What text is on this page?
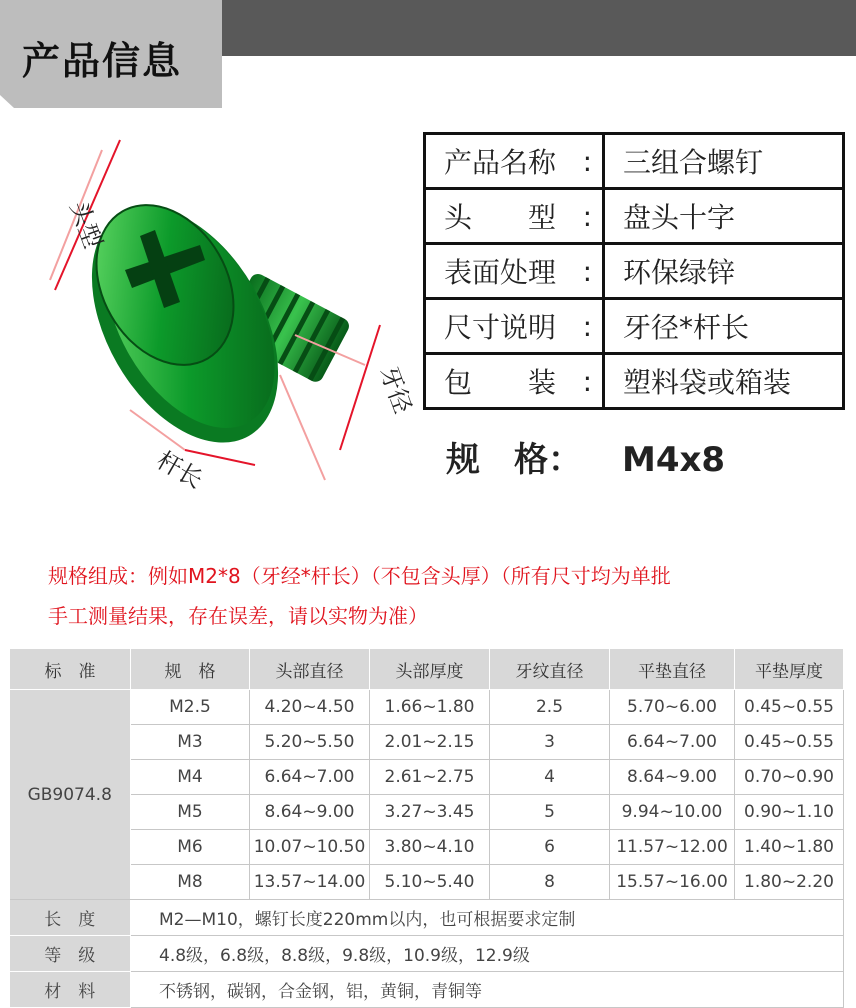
产品信息
头型
牙径
杆长
产品名称 :	三组合螺钉
头　　型 :	盘头十字
表面处理 :	环保绿锌
尺寸说明 :	牙径*杆长
包　　装 :	塑料袋或箱装
规　格： M4x8
规格组成：例如M2*8（牙经*杆长）（不包含头厚）（所有尺寸均为单批
手工测量结果，存在误差，请以实物为准）
标　准	规　格	头部直径	头部厚度	牙纹直径	平垫直径	平垫厚度
GB9074.8	M2.5	4.20~4.50	1.66~1.80	2.5	5.70~6.00	0.45~0.55
	M3	5.20~5.50	2.01~2.15	3	6.64~7.00	0.45~0.55
	M4	6.64~7.00	2.61~2.75	4	8.64~9.00	0.70~0.90
	M5	8.64~9.00	3.27~3.45	5	9.94~10.00	0.90~1.10
	M6	10.07~10.50	3.80~4.10	6	11.57~12.00	1.40~1.80
	M8	13.57~14.00	5.10~5.40	8	15.57~16.00	1.80~2.20
长　度	M2—M10，螺钉长度220mm以内，也可根据要求定制					
等　级	4.8级，6.8级，8.8级，9.8级，10.9级，12.9级					
材　料	不锈钢，碳钢，合金钢，铝，黄铜，青铜等					
